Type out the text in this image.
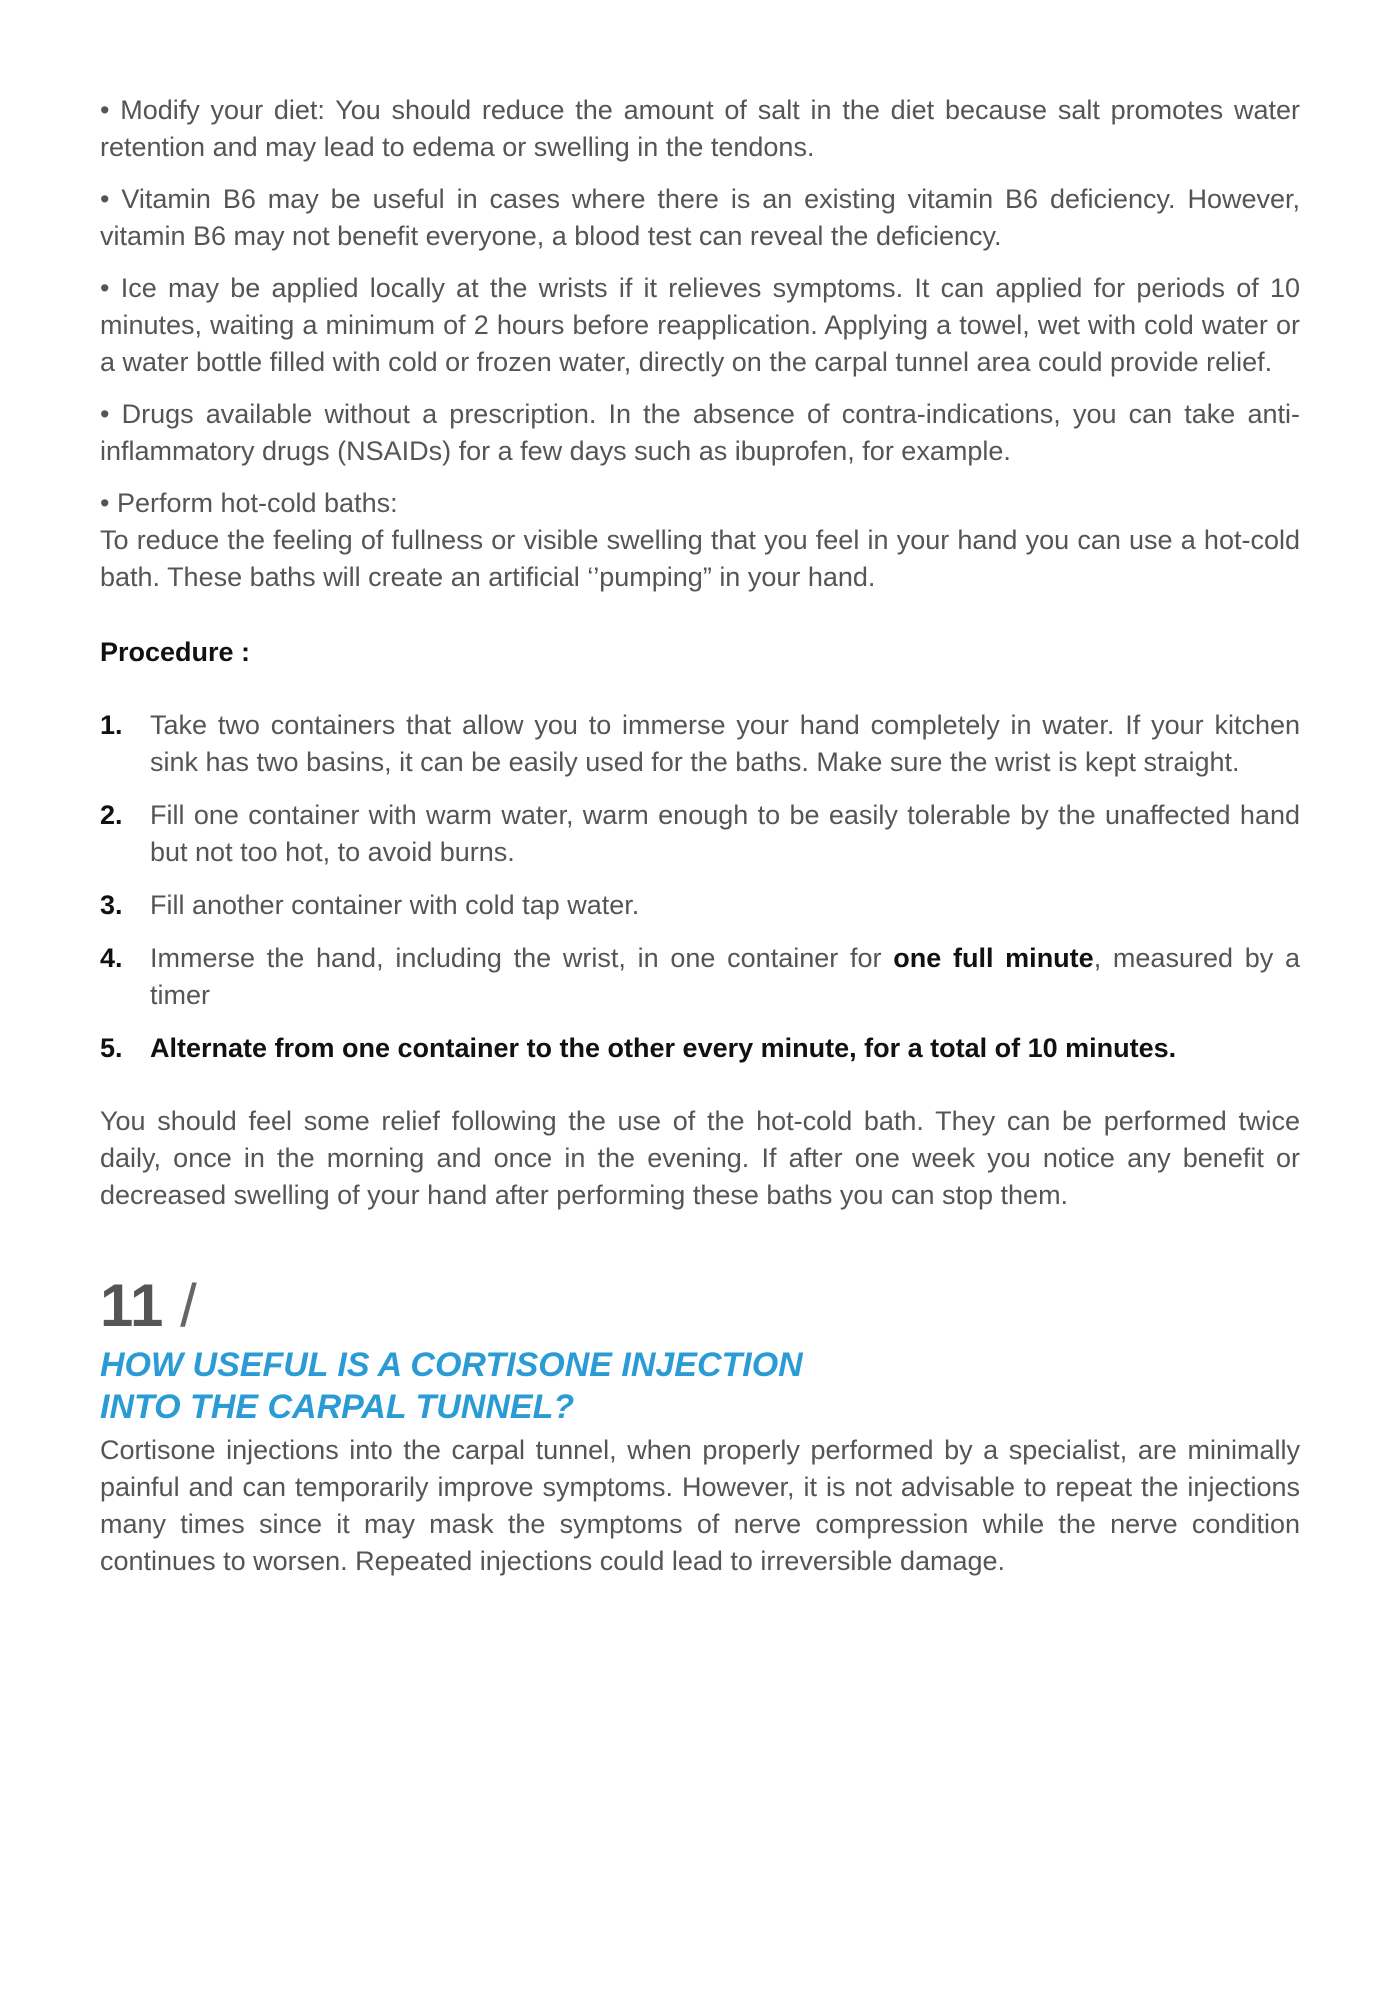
• Modify your diet: You should reduce the amount of salt in the diet because salt promotes water retention and may lead to edema or swelling in the tendons.

• Vitamin B6 may be useful in cases where there is an existing vitamin B6 deficiency. However, vitamin B6 may not benefit everyone, a blood test can reveal the deficiency.

• Ice may be applied locally at the wrists if it relieves symptoms. It can applied for periods of 10 minutes, waiting a minimum of 2 hours before reapplication. Applying a towel, wet with cold water or a water bottle filled with cold or frozen water, directly on the carpal tunnel area could provide relief.

• Drugs available without a prescription. In the absence of contra-indications, you can take anti-inflammatory drugs (NSAIDs) for a few days such as ibuprofen, for example.

• Perform hot-cold baths:
To reduce the feeling of fullness or visible swelling that you feel in your hand you can use a hot-cold bath. These baths will create an artificial ‘’pumping” in your hand.

Procedure :
1.	Take two containers that allow you to immerse your hand completely in water. If your kitchen sink has two basins, it can be easily used for the baths. Make sure the wrist is kept straight.
2.	Fill one container with warm water, warm enough to be easily tolerable by the unaffected hand but not too hot, to avoid burns.
3.	Fill another container with cold tap water.
4.	Immerse the hand, including the wrist, in one container for one full minute, measured by a timer
5.	Alternate from one container to the other every minute, for a total of 10 minutes.

You should feel some relief following the use of the hot-cold bath. They can be performed twice daily, once in the morning and once in the evening. If after one week you notice any benefit or decreased swelling of your hand after performing these baths you can stop them.

11 /
HOW USEFUL IS A CORTISONE INJECTION
INTO THE CARPAL TUNNEL?

Cortisone injections into the carpal tunnel, when properly performed by a specialist, are minimally painful and can temporarily improve symptoms. However, it is not advisable to repeat the injections many times since it may mask the symptoms of nerve compression while the nerve condition continues to worsen. Repeated injections could lead to irreversible damage.
